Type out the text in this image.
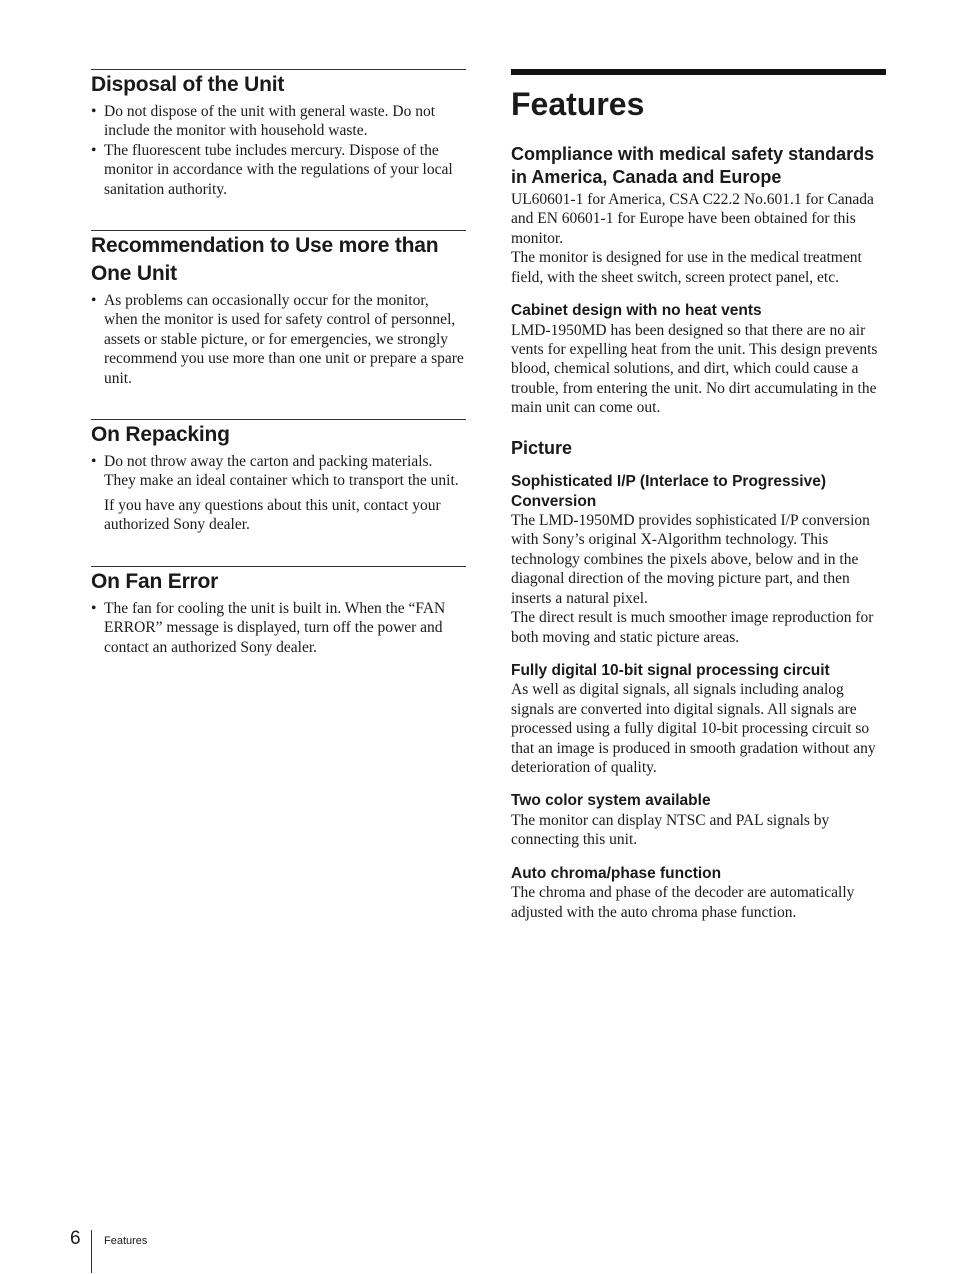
Disposal of the Unit
• Do not dispose of the unit with general waste. Do not include the monitor with household waste.
• The fluorescent tube includes mercury. Dispose of the monitor in accordance with the regulations of your local sanitation authority.
Recommendation to Use more than One Unit
• As problems can occasionally occur for the monitor, when the monitor is used for safety control of personnel, assets or stable picture, or for emergencies, we strongly recommend you use more than one unit or prepare a spare unit.
On Repacking
• Do not throw away the carton and packing materials. They make an ideal container which to transport the unit.
If you have any questions about this unit, contact your authorized Sony dealer.
On Fan Error
• The fan for cooling the unit is built in. When the “FAN ERROR” message is displayed, turn off the power and contact an authorized Sony dealer.
Features
Compliance with medical safety standards in America, Canada and Europe

UL60601-1 for America, CSA C22.2 No.601.1 for Canada and EN 60601-1 for Europe have been obtained for this monitor.

The monitor is designed for use in the medical treatment field, with the sheet switch, screen protect panel, etc.

Cabinet design with no heat vents

LMD-1950MD has been designed so that there are no air vents for expelling heat from the unit. This design prevents blood, chemical solutions, and dirt, which could cause a trouble, from entering the unit. No dirt accumulating in the main unit can come out.

Picture
Sophisticated I/P (Interlace to Progressive) Conversion

The LMD-1950MD provides sophisticated I/P conversion with Sony’s original X-Algorithm technology. This technology combines the pixels above, below and in the diagonal direction of the moving picture part, and then inserts a natural pixel.

The direct result is much smoother image reproduction for both moving and static picture areas.

Fully digital 10-bit signal processing circuit

As well as digital signals, all signals including analog signals are converted into digital signals. All signals are processed using a fully digital 10-bit processing circuit so that an image is produced in smooth gradation without any deterioration of quality.

Two color system available

The monitor can display NTSC and PAL signals by connecting this unit.

Auto chroma/phase function

The chroma and phase of the decoder are automatically adjusted with the auto chroma phase function.

6 Features
